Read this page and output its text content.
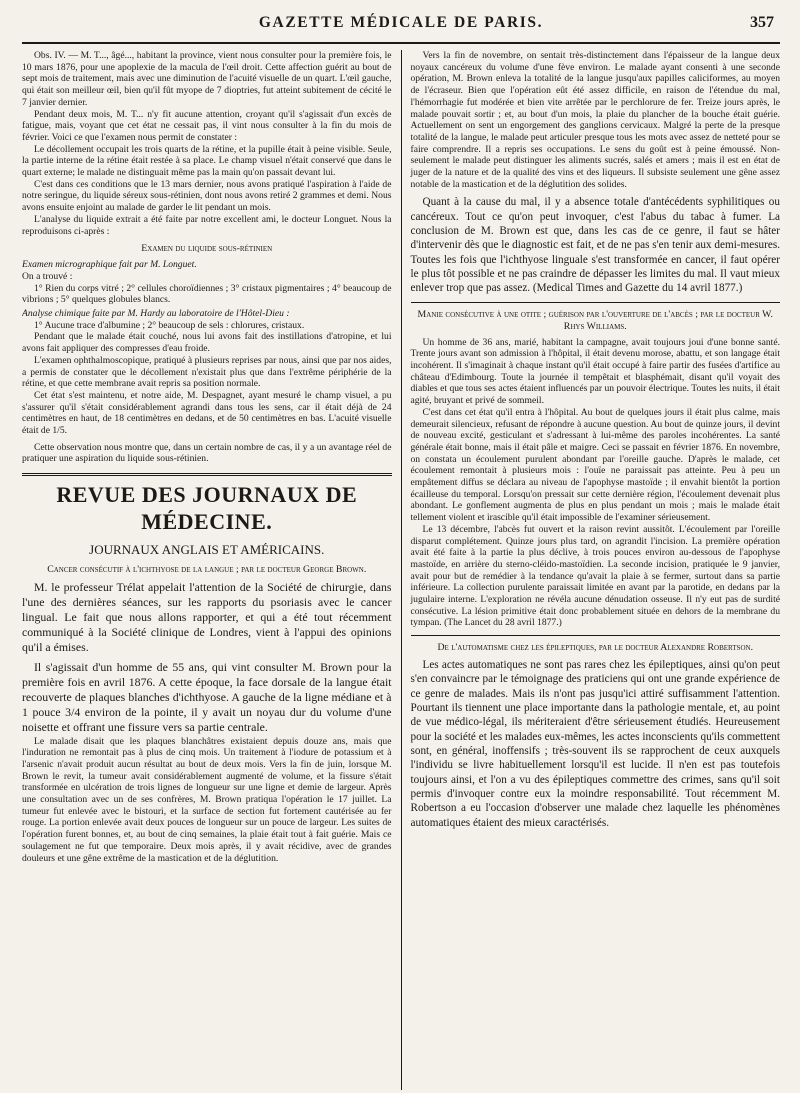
GAZETTE MÉDICALE DE PARIS.	357

Obs. IV. — M. T..., âgé..., habitant la province, vient nous consulter pour la première fois, le 10 mars 1876, pour une apoplexie de la macula de l'œil droit. Cette affection guérit au bout de sept mois de traitement, mais avec une diminution de l'acuité visuelle de un quart. L'œil gauche, qui était son meilleur œil, bien qu'il fût myope de 7 dioptries, fut atteint subitement de cécité le 7 janvier dernier.

Pendant deux mois, M. T... n'y fit aucune attention, croyant qu'il s'agissait d'un excès de fatigue, mais, voyant que cet état ne cessait pas, il vint nous consulter à la fin du mois de février. Voici ce que l'examen nous permit de constater :

Le décollement occupait les trois quarts de la rétine, et la pupille était à peine visible. Seule, la partie interne de la rétine était restée à sa place. Le champ visuel n'était conservé que dans le quart externe; le malade ne distinguait même pas la main qu'on passait devant lui.

C'est dans ces conditions que le 13 mars dernier, nous avons pratiqué l'aspiration à l'aide de notre seringue, du liquide séreux sous-rétinien, dont nous avons retiré 2 grammes et demi. Nous avons ensuite enjoint au malade de garder le lit pendant un mois.

L'analyse du liquide extrait a été faite par notre excellent ami, le docteur Longuet. Nous la reproduisons ci-après :

Examen du liquide sous-rétinien

Examen micrographique fait par M. Longuet.

On a trouvé :

1° Rien du corps vitré ; 2° cellules choroïdiennes ; 3° cristaux pigmentaires ; 4° beaucoup de vibrions ; 5° quelques globules blancs.

Analyse chimique faite par M. Hardy au laboratoire de l'Hôtel-Dieu :

1° Aucune trace d'albumine ; 2° beaucoup de sels : chlorures, cristaux.

Pendant que le malade était couché, nous lui avons fait des instillations d'atropine, et lui avons fait appliquer des compresses d'eau froide.

L'examen ophthalmoscopique, pratiqué à plusieurs reprises par nous, ainsi que par nos aides, a permis de constater que le décollement n'existait plus que dans l'extrême périphérie de la rétine, et que cette membrane avait repris sa position normale.

Cet état s'est maintenu, et notre aide, M. Despagnet, ayant mesuré le champ visuel, a pu s'assurer qu'il s'était considérablement agrandi dans tous les sens, car il était déjà de 24 centimètres en haut, de 18 centimètres en dedans, et de 50 centimètres en bas. L'acuité visuelle était de 1/5.

Cette observation nous montre que, dans un certain nombre de cas, il y a un avantage réel de pratiquer une aspiration du liquide sous-rétinien.

REVUE DES JOURNAUX DE MÉDECINE.
JOURNAUX ANGLAIS ET AMÉRICAINS.

Cancer consécutif à l'ichthyose de la langue ; par le docteur George Brown.

M. le professeur Trélat appelait l'attention de la Société de chirurgie, dans l'une des dernières séances, sur les rapports du psoriasis avec le cancer lingual. Le fait que nous allons rapporter, et qui a été tout récemment communiqué à la Société clinique de Londres, vient à l'appui des opinions qu'il a émises.

Il s'agissait d'un homme de 55 ans, qui vint consulter M. Brown pour la première fois en avril 1876. A cette époque, la face dorsale de la langue était recouverte de plaques blanches d'ichthyose. A gauche de la ligne médiane et à 1 pouce 3/4 environ de la pointe, il y avait un noyau dur du volume d'une noisette et offrant une fissure vers sa partie centrale.

Le malade disait que les plaques blanchâtres existaient depuis douze ans, mais que l'induration ne remontait pas à plus de cinq mois. Un traitement à l'iodure de potassium et à l'arsenic n'avait produit aucun résultat au bout de deux mois. Vers la fin de juin, lorsque M. Brown le revit, la tumeur avait considérablement augmenté de volume, et la fissure s'était transformée en ulcération de trois lignes de longueur sur une ligne et demie de largeur. Après une consultation avec un de ses confrères, M. Brown pratiqua l'opération le 17 juillet. La tumeur fut enlevée avec le bistouri, et la surface de section fut fortement cautérisée au fer rouge. La portion enlevée avait deux pouces de longueur sur un pouce de largeur. Les suites de l'opération furent bonnes, et, au bout de cinq semaines, la plaie était tout à fait guérie. Mais ce soulagement ne fut que temporaire. Deux mois après, il y avait récidive, avec de grandes douleurs et une gêne extrême de la mastication et de la déglutition.

Vers la fin de novembre, on sentait très-distinctement dans l'épaisseur de la langue deux noyaux cancéreux du volume d'une fève environ. Le malade ayant consenti à une seconde opération, M. Brown enleva la totalité de la langue jusqu'aux papilles caliciformes, au moyen de l'écraseur. Bien que l'opération eût été assez difficile, en raison de l'étendue du mal, l'hémorrhagie fut modérée et bien vite arrêtée par le perchlorure de fer. Treize jours après, le malade pouvait sortir ; et, au bout d'un mois, la plaie du plancher de la bouche était guérie. Actuellement on sent un engorgement des ganglions cervicaux. Malgré la perte de la presque totalité de la langue, le malade peut articuler presque tous les mots avec assez de netteté pour se faire comprendre. Il a repris ses occupations. Le sens du goût est à peine émoussé. Non-seulement le malade peut distinguer les aliments sucrés, salés et amers ; mais il est en état de juger de la nature et de la qualité des vins et des liqueurs. Il subsiste seulement une gêne assez notable de la mastication et de la déglutition des solides.

Quant à la cause du mal, il y a absence totale d'antécédents syphilitiques ou cancéreux. Tout ce qu'on peut invoquer, c'est l'abus du tabac à fumer. La conclusion de M. Brown est que, dans les cas de ce genre, il faut se hâter d'intervenir dès que le diagnostic est fait, et de ne pas s'en tenir aux demi-mesures. Toutes les fois que l'ichthyose linguale s'est transformée en cancer, il faut opérer le plus tôt possible et ne pas craindre de dépasser les limites du mal. Il vaut mieux enlever trop que pas assez. (Medical Times and Gazette du 14 avril 1877.)

Manie consécutive à une otite ; guérison par l'ouverture de l'abcès ; par le docteur W. Rhys Williams.

Un homme de 36 ans, marié, habitant la campagne, avait toujours joui d'une bonne santé. Trente jours avant son admission à l'hôpital, il était devenu morose, abattu, et son langage était incohérent. Il s'imaginait à chaque instant qu'il était occupé à faire partir des fusées d'artifice au château d'Edimbourg. Toute la journée il tempêtait et blasphémait, disant qu'il voyait des diables et que tous ses actes étaient influencés par un pouvoir électrique. Toutes les nuits, il était agité, bruyant et privé de sommeil.

C'est dans cet état qu'il entra à l'hôpital. Au bout de quelques jours il était plus calme, mais demeurait silencieux, refusant de répondre à aucune question. Au bout de quinze jours, il devint de nouveau excité, gesticulant et s'adressant à lui-même des paroles incohérentes. La santé générale était bonne, mais il était pâle et maigre. Ceci se passait en février 1876. En novembre, on constata un écoulement purulent abondant par l'oreille gauche. D'après le malade, cet écoulement remontait à plusieurs mois : l'ouïe ne paraissait pas atteinte. Peu à peu un empâtement diffus se déclara au niveau de l'apophyse mastoïde ; il envahit bientôt la portion écailleuse du temporal. Lorsqu'on pressait sur cette dernière région, l'écoulement devenait plus abondant. Le gonflement augmenta de plus en plus pendant un mois ; mais le malade était tellement violent et irascible qu'il était impossible de l'examiner sérieusement.

Le 13 décembre, l'abcès fut ouvert et la raison revint aussitôt. L'écoulement par l'oreille disparut complétement. Quinze jours plus tard, on agrandit l'incision. La première opération avait été faite à la partie la plus déclive, à trois pouces environ au-dessous de l'apophyse mastoïde, en arrière du sterno-cléido-mastoïdien. La seconde incision, pratiquée le 9 janvier, avait pour but de remédier à la tendance qu'avait la plaie à se fermer, surtout dans sa partie inférieure. La collection purulente paraissait limitée en avant par la parotide, en dedans par la jugulaire interne. L'exploration ne révéla aucune dénudation osseuse. Il n'y eut pas de surdité consécutive. La lésion primitive était donc probablement située en dehors de la membrane du tympan. (The Lancet du 28 avril 1877.)

De l'automatisme chez les épileptiques, par le docteur Alexandre Robertson.

Les actes automatiques ne sont pas rares chez les épileptiques, ainsi qu'on peut s'en convaincre par le témoignage des praticiens qui ont une grande expérience de ce genre de malades. Mais ils n'ont pas jusqu'ici attiré suffisamment l'attention. Pourtant ils tiennent une place importante dans la pathologie mentale, et, au point de vue médico-légal, ils mériteraient d'être sérieusement étudiés. Heureusement pour la société et les malades eux-mêmes, les actes inconscients qu'ils commettent sont, en général, inoffensifs ; très-souvent ils se rapprochent de ceux auxquels l'individu se livre habituellement lorsqu'il est lucide. Il n'en est pas toutefois toujours ainsi, et l'on a vu des épileptiques commettre des crimes, sans qu'il soit permis d'invoquer contre eux la moindre responsabilité. Tout récemment M. Robertson a eu l'occasion d'observer une malade chez laquelle les phénomènes automatiques étaient des mieux caractérisés.
